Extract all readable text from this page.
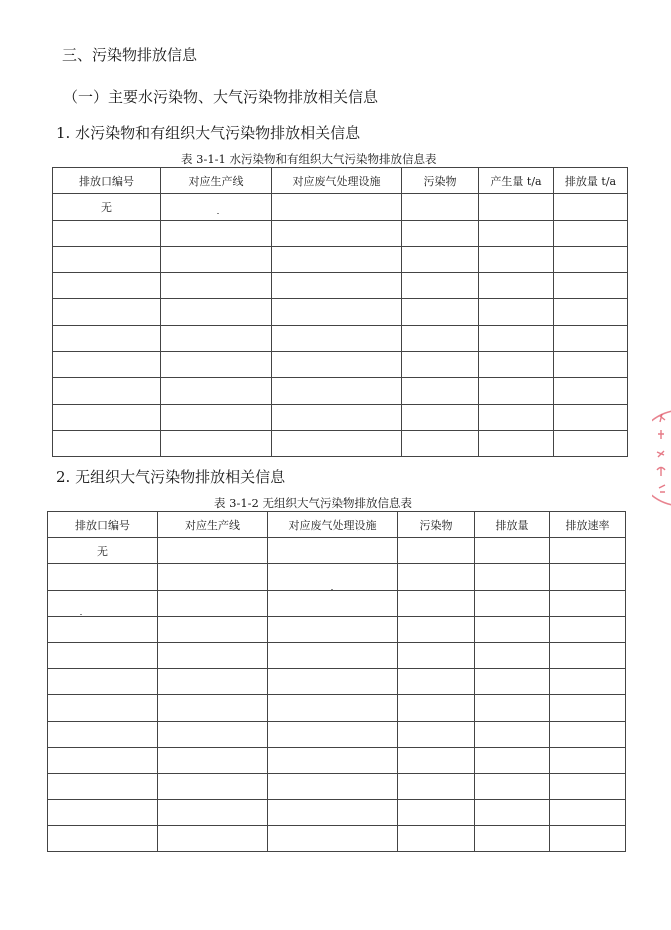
三、污染物排放信息
（一）主要水污染物、大气污染物排放相关信息
1. 水污染物和有组织大气污染物排放相关信息
表 3-1-1 水污染物和有组织大气污染物排放信息表
排放口编号	对应生产线	对应废气处理设施	污染物	产生量 t/a	排放量 t/a
无					

2. 无组织大气污染物排放相关信息
表 3-1-2 无组织大气污染物排放信息表
排放口编号	对应生产线	对应废气处理设施	污染物	排放量	排放速率
无					
